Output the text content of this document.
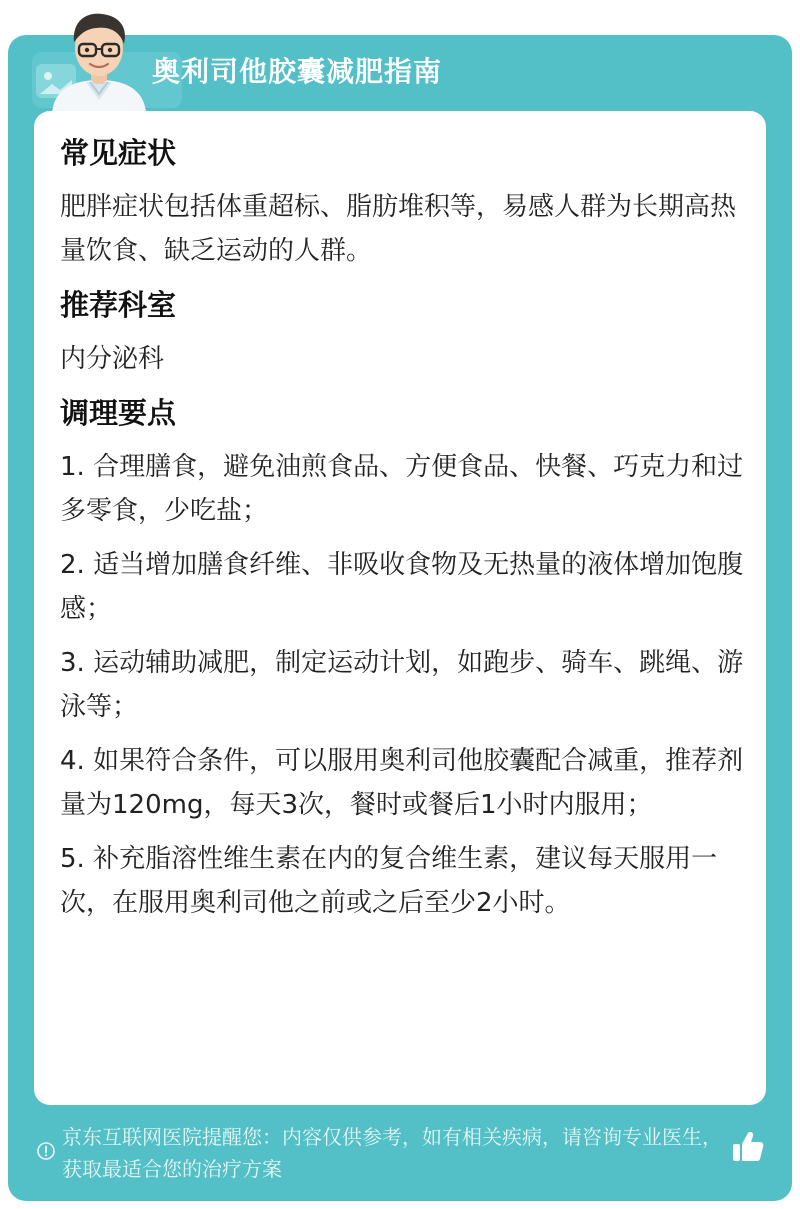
奥利司他胶囊减肥指南
常见症状
肥胖症状包括体重超标、脂肪堆积等，易感人群为长期高热量饮食、缺乏运动的人群。
推荐科室
内分泌科
调理要点
1. 合理膳食，避免油煎食品、方便食品、快餐、巧克力和过多零食，少吃盐；
2. 适当增加膳食纤维、非吸收食物及无热量的液体增加饱腹感；
3. 运动辅助减肥，制定运动计划，如跑步、骑车、跳绳、游泳等；
4. 如果符合条件，可以服用奥利司他胶囊配合减重，推荐剂量为120mg，每天3次，餐时或餐后1小时内服用；
5. 补充脂溶性维生素在内的复合维生素，建议每天服用一次，在服用奥利司他之前或之后至少2小时。
京东互联网医院提醒您：内容仅供参考，如有相关疾病，请咨询专业医生，获取最适合您的治疗方案
